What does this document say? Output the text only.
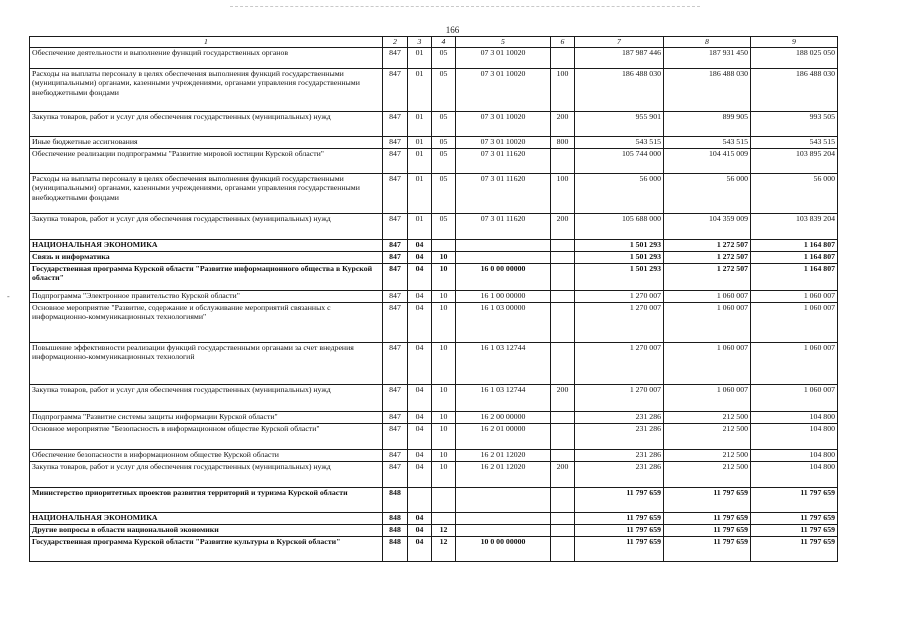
166
-
1	2	3	4	5	6	7	8	9
Обеспечение деятельности и выполнение функций государственных органов	847	01	05	07 3 01 10020		187 987 446	187 931 450	188 025 050
Расходы на выплаты персоналу в целях обеспечения выполнения функций государственными (муниципальными) органами, казенными учреждениями, органами управления государственными внебюджетными фондами	847	01	05	07 3 01 10020	100	186 488 030	186 488 030	186 488 030
Закупка товаров, работ и услуг для обеспечения государственных (муниципальных) нужд	847	01	05	07 3 01 10020	200	955 901	899 905	993 505
Иные бюджетные ассигнования	847	01	05	07 3 01 10020	800	543 515	543 515	543 515
Обеспечение реализации подпрограммы "Развитие мировой юстиции Курской области"	847	01	05	07 3 01 11620		105 744 000	104 415 009	103 895 204
Расходы на выплаты персоналу в целях обеспечения выполнения функций государственными (муниципальными) органами, казенными учреждениями, органами управления государственными внебюджетными фондами	847	01	05	07 3 01 11620	100	56 000	56 000	56 000
Закупка товаров, работ и услуг для обеспечения государственных (муниципальных) нужд	847	01	05	07 3 01 11620	200	105 688 000	104 359 009	103 839 204
НАЦИОНАЛЬНАЯ ЭКОНОМИКА	847	04				1 501 293	1 272 507	1 164 807
Связь и информатика	847	04	10			1 501 293	1 272 507	1 164 807
Государственная программа Курской области "Развитие информационного общества в Курской области"	847	04	10	16 0 00 00000		1 501 293	1 272 507	1 164 807
Подпрограмма "Электронное правительство Курской области"	847	04	10	16 1 00 00000		1 270 007	1 060 007	1 060 007
Основное мероприятие "Развитие, содержание и обслуживание мероприятий связанных с информационно-коммуникационных технологиями"	847	04	10	16 1 03 00000		1 270 007	1 060 007	1 060 007
Повышение эффективности реализации функций государственными органами за счет внедрения информационно-коммуникационных технологий	847	04	10	16 1 03 12744		1 270 007	1 060 007	1 060 007
Закупка товаров, работ и услуг для обеспечения государственных (муниципальных) нужд	847	04	10	16 1 03 12744	200	1 270 007	1 060 007	1 060 007
Подпрограмма "Развитие системы защиты информации Курской области"	847	04	10	16 2 00 00000		231 286	212 500	104 800
Основное мероприятие "Безопасность в информационном обществе Курской области"	847	04	10	16 2 01 00000		231 286	212 500	104 800
Обеспечение безопасности в информационном обществе Курской области	847	04	10	16 2 01 12020		231 286	212 500	104 800
Закупка товаров, работ и услуг для обеспечения государственных (муниципальных) нужд	847	04	10	16 2 01 12020	200	231 286	212 500	104 800
Министерство приоритетных проектов развития территорий и туризма Курской области	848					11 797 659	11 797 659	11 797 659
НАЦИОНАЛЬНАЯ ЭКОНОМИКА	848	04				11 797 659	11 797 659	11 797 659
Другие вопросы в области национальной экономики	848	04	12			11 797 659	11 797 659	11 797 659
Государственная программа Курской области "Развитие культуры в Курской области"	848	04	12	10 0 00 00000		11 797 659	11 797 659	11 797 659
